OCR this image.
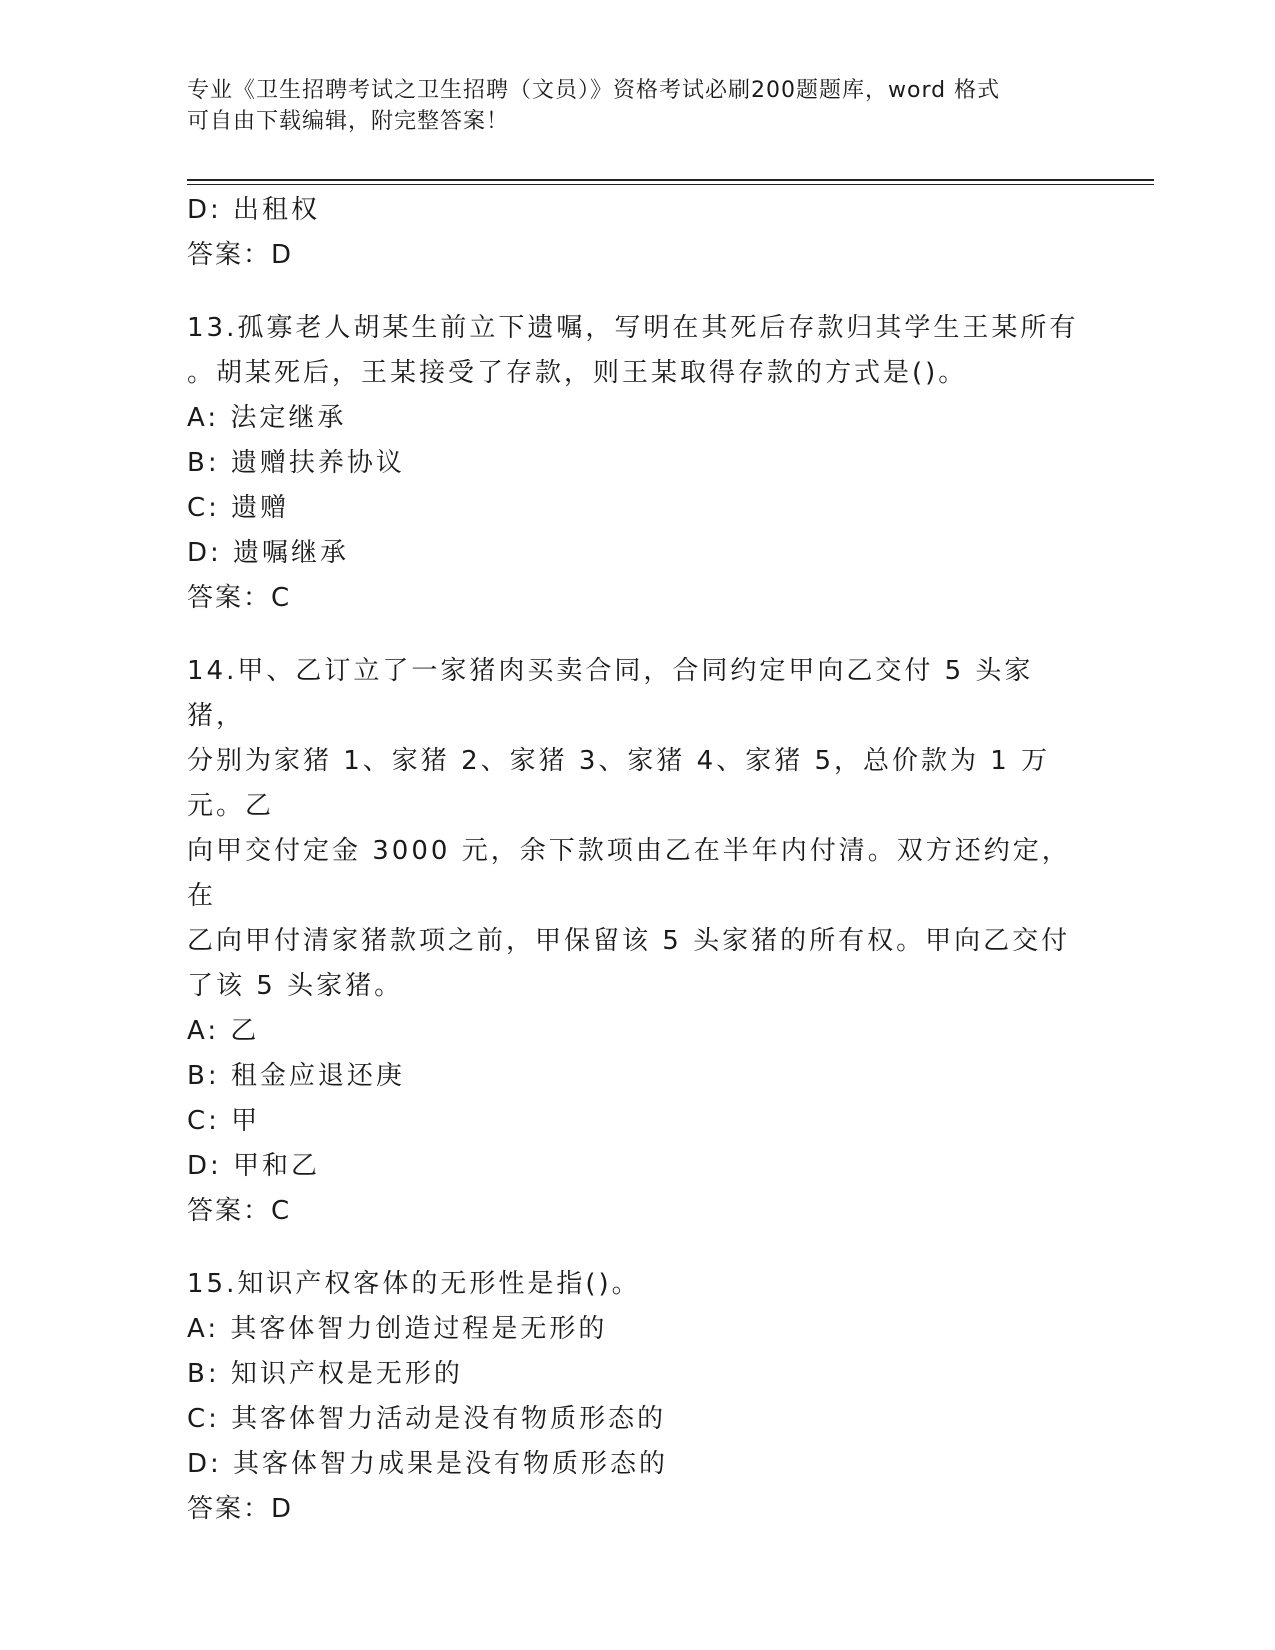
专业《卫生招聘考试之卫生招聘（文员）》资格考试必刷200题题库，word 格式
可自由下载编辑，附完整答案！
D: 出租权
答案：D
13.孤寡老人胡某生前立下遗嘱，写明在其死后存款归其学生王某所有
。胡某死后，王某接受了存款，则王某取得存款的方式是()。
A: 法定继承
B: 遗赠扶养协议
C: 遗赠
D: 遗嘱继承
答案：C
14.甲、乙订立了一家猪肉买卖合同，合同约定甲向乙交付 5 头家猪，
分别为家猪 1、家猪 2、家猪 3、家猪 4、家猪 5，总价款为 1 万元。乙
向甲交付定金 3000 元，余下款项由乙在半年内付清。双方还约定，在
乙向甲付清家猪款项之前，甲保留该 5 头家猪的所有权。甲向乙交付
了该 5 头家猪。
A: 乙
B: 租金应退还庚
C: 甲
D: 甲和乙
答案：C
15.知识产权客体的无形性是指()。
A: 其客体智力创造过程是无形的
B: 知识产权是无形的
C: 其客体智力活动是没有物质形态的
D: 其客体智力成果是没有物质形态的
答案：D
